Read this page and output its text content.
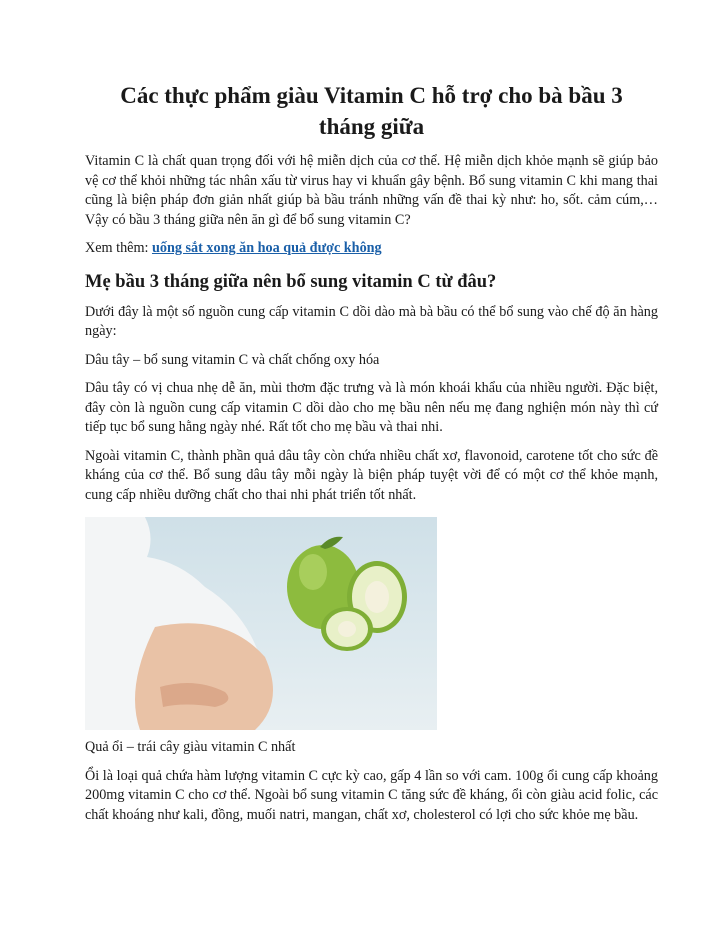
Các thực phẩm giàu Vitamin C hỗ trợ cho bà bầu 3 tháng giữa

Vitamin C là chất quan trọng đối với hệ miễn dịch của cơ thể. Hệ miễn dịch khỏe mạnh sẽ giúp bảo vệ cơ thể khỏi những tác nhân xấu từ virus hay vi khuẩn gây bệnh. Bổ sung vitamin C khi mang thai cũng là biện pháp đơn giản nhất giúp bà bầu tránh những vấn đề thai kỳ như: ho, sốt. cảm cúm,…Vậy có bầu 3 tháng giữa nên ăn gì để bổ sung vitamin C?

Xem thêm: uống sắt xong ăn hoa quả được không

Mẹ bầu 3 tháng giữa nên bổ sung vitamin C từ đâu?

Dưới đây là một số nguồn cung cấp vitamin C dồi dào mà bà bầu có thể bổ sung vào chế độ ăn hàng ngày:

Dâu tây – bổ sung vitamin C và chất chống oxy hóa

Dâu tây có vị chua nhẹ dễ ăn, mùi thơm đặc trưng và là món khoái khẩu của nhiều người. Đặc biệt, đây còn là nguồn cung cấp vitamin C dồi dào cho mẹ bầu nên nếu mẹ đang nghiện món này thì cứ tiếp tục bổ sung hằng ngày nhé. Rất tốt cho mẹ bầu và thai nhi.

Ngoài vitamin C, thành phần quả dâu tây còn chứa nhiều chất xơ, flavonoid, carotene tốt cho sức đề kháng của cơ thể. Bổ sung dâu tây mỗi ngày là biện pháp tuyệt vời để có một cơ thể khỏe mạnh, cung cấp nhiều dưỡng chất cho thai nhi phát triển tốt nhất.

Quả ổi – trái cây giàu vitamin C nhất

Ổi là loại quả chứa hàm lượng vitamin C cực kỳ cao, gấp 4 lần so với cam. 100g ổi cung cấp khoảng 200mg vitamin C cho cơ thể. Ngoài bổ sung vitamin C tăng sức đề kháng, ổi còn giàu acid folic, các chất khoáng như kali, đồng, muối natri, mangan, chất xơ, cholesterol có lợi cho sức khỏe mẹ bầu.
